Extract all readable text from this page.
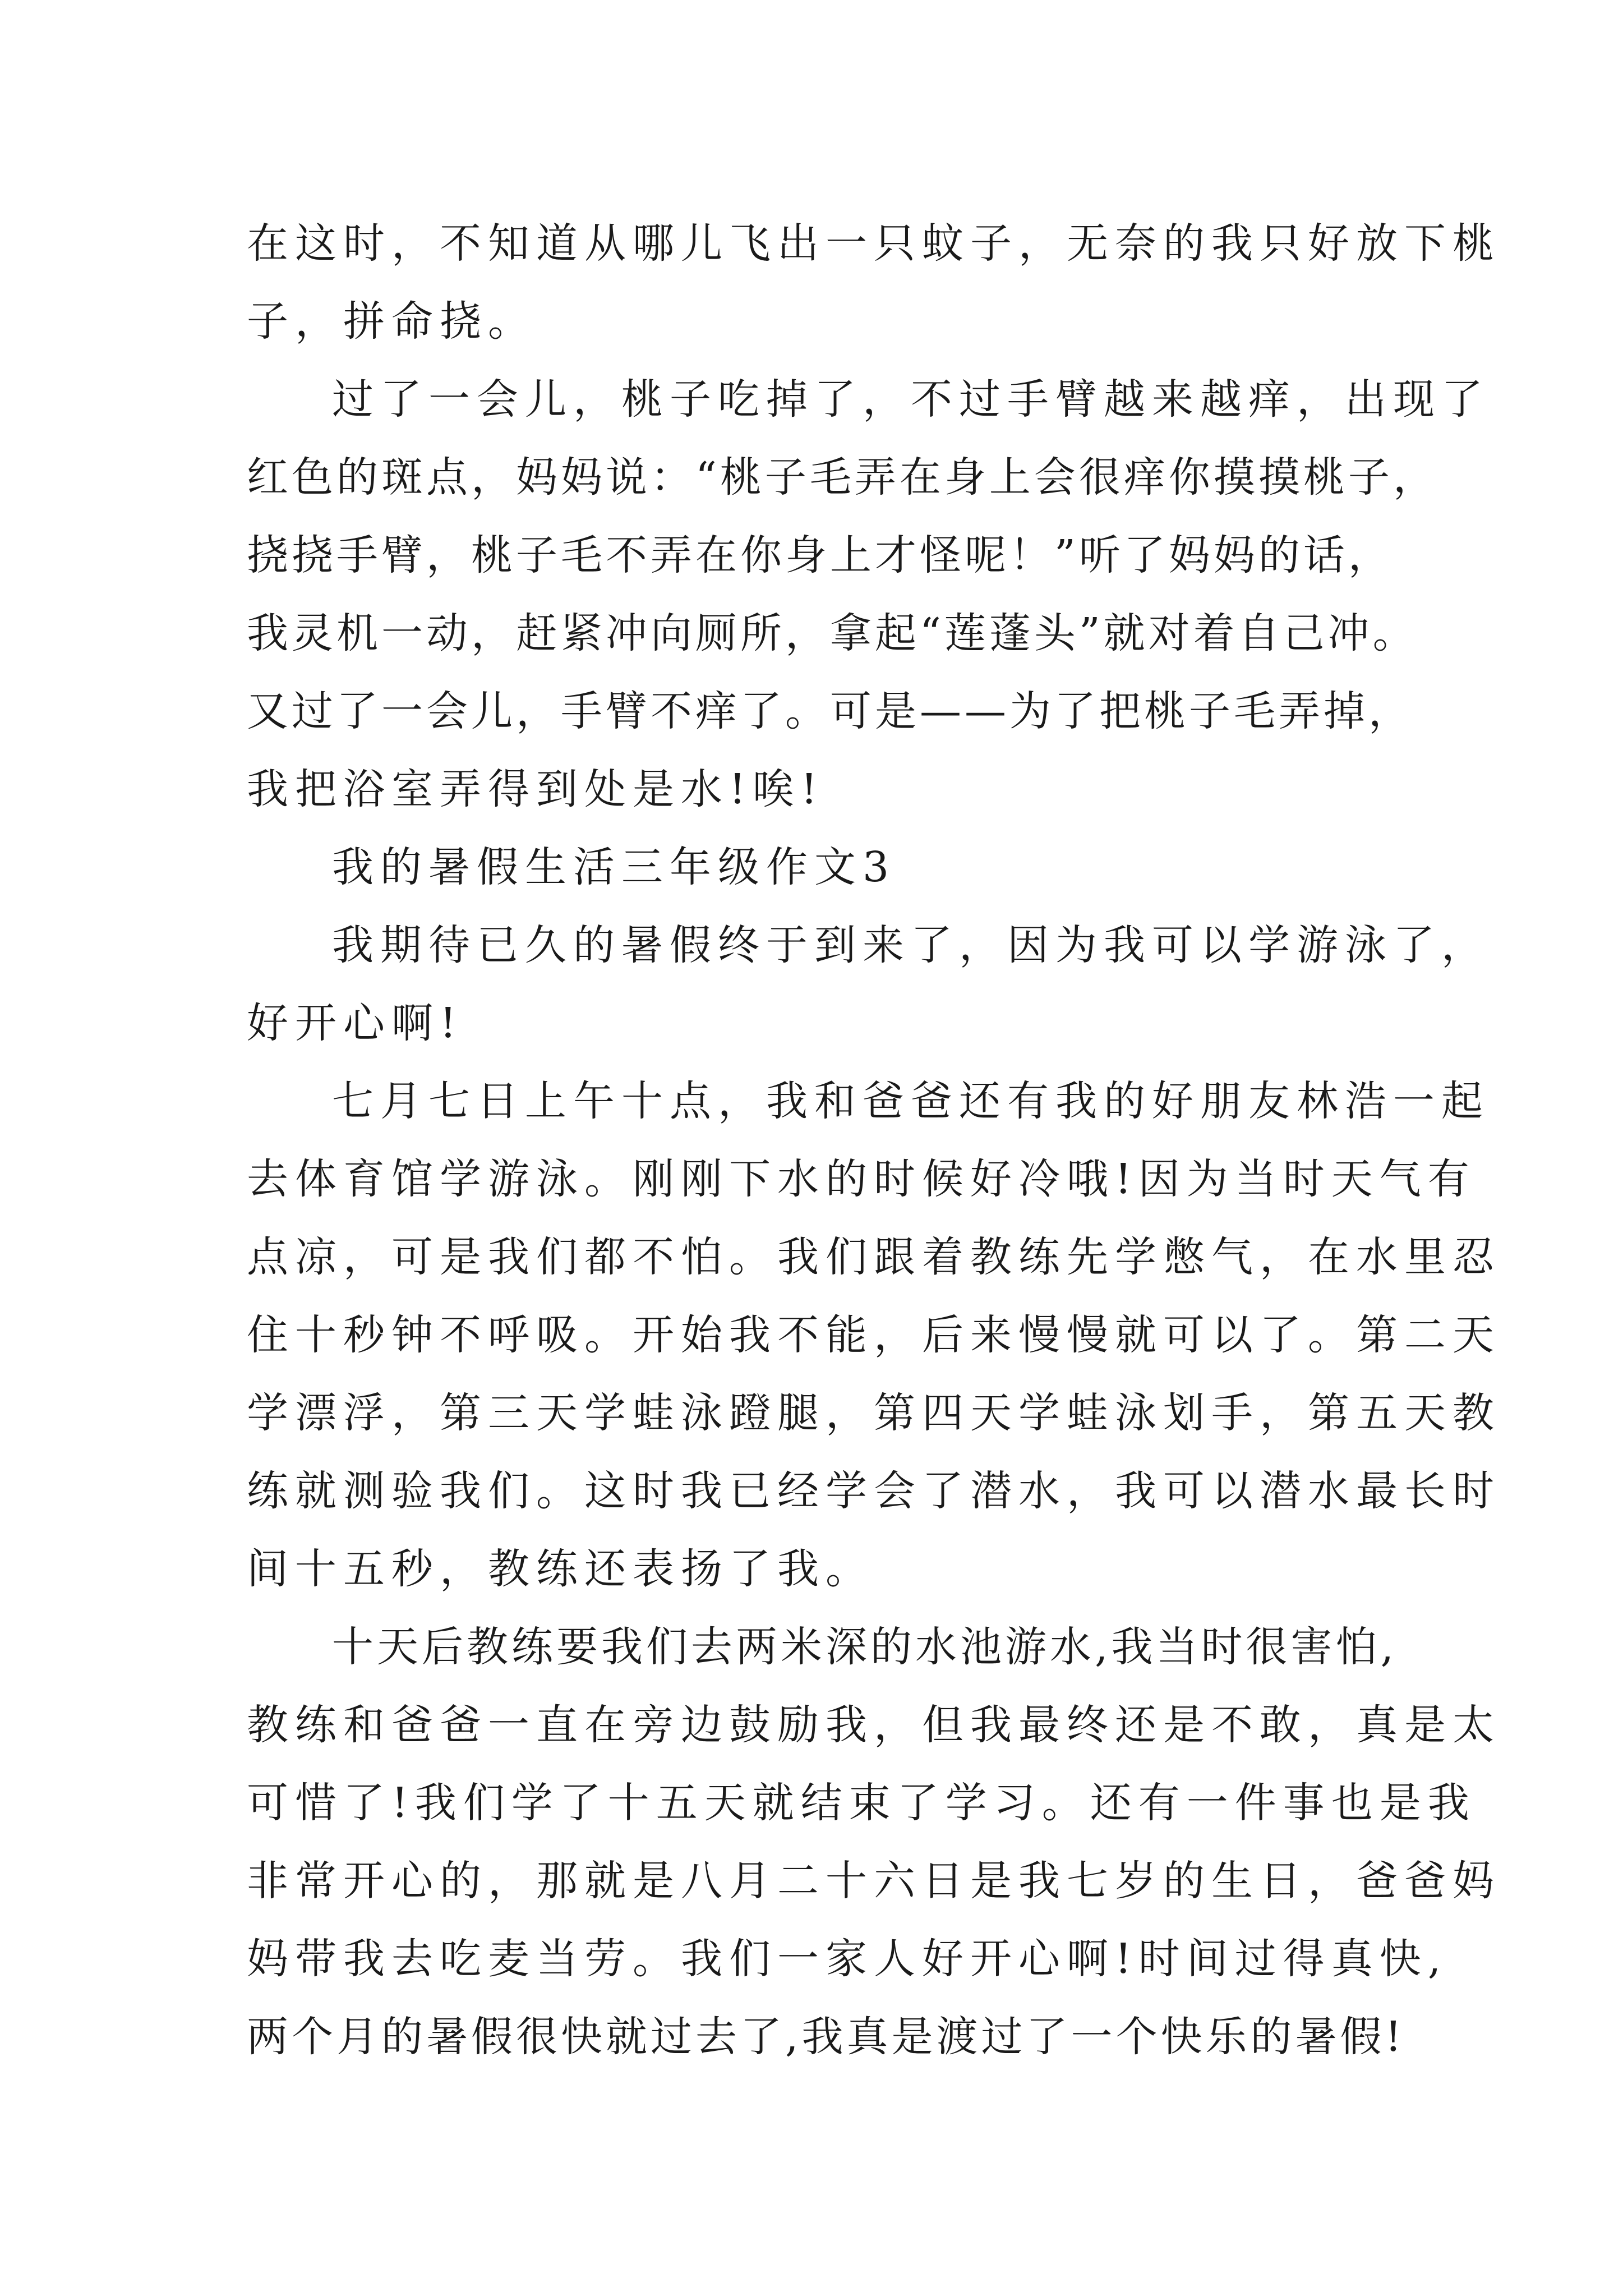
在这时，不知道从哪儿飞出一只蚊子，无奈的我只好放下桃
子，拼命挠。
过了一会儿，桃子吃掉了，不过手臂越来越痒，出现了
红色的斑点，妈妈说：“桃子毛弄在身上会很痒你摸摸桃子，
挠挠手臂，桃子毛不弄在你身上才怪呢！”听了妈妈的话，
我灵机一动，赶紧冲向厕所，拿起“莲蓬头”就对着自己冲。
又过了一会儿，手臂不痒了。可是——为了把桃子毛弄掉，
我把浴室弄得到处是水!唉!
我的暑假生活三年级作文3
我期待已久的暑假终于到来了，因为我可以学游泳了，
好开心啊!
七月七日上午十点，我和爸爸还有我的好朋友林浩一起
去体育馆学游泳。刚刚下水的时候好冷哦!因为当时天气有
点凉，可是我们都不怕。我们跟着教练先学憋气，在水里忍
住十秒钟不呼吸。开始我不能，后来慢慢就可以了。第二天
学漂浮，第三天学蛙泳蹬腿，第四天学蛙泳划手，第五天教
练就测验我们。这时我已经学会了潜水，我可以潜水最长时
间十五秒，教练还表扬了我。
十天后教练要我们去两米深的水池游水,我当时很害怕,
教练和爸爸一直在旁边鼓励我，但我最终还是不敢，真是太
可惜了!我们学了十五天就结束了学习。还有一件事也是我
非常开心的，那就是八月二十六日是我七岁的生日，爸爸妈
妈带我去吃麦当劳。我们一家人好开心啊!时间过得真快,
两个月的暑假很快就过去了,我真是渡过了一个快乐的暑假!
